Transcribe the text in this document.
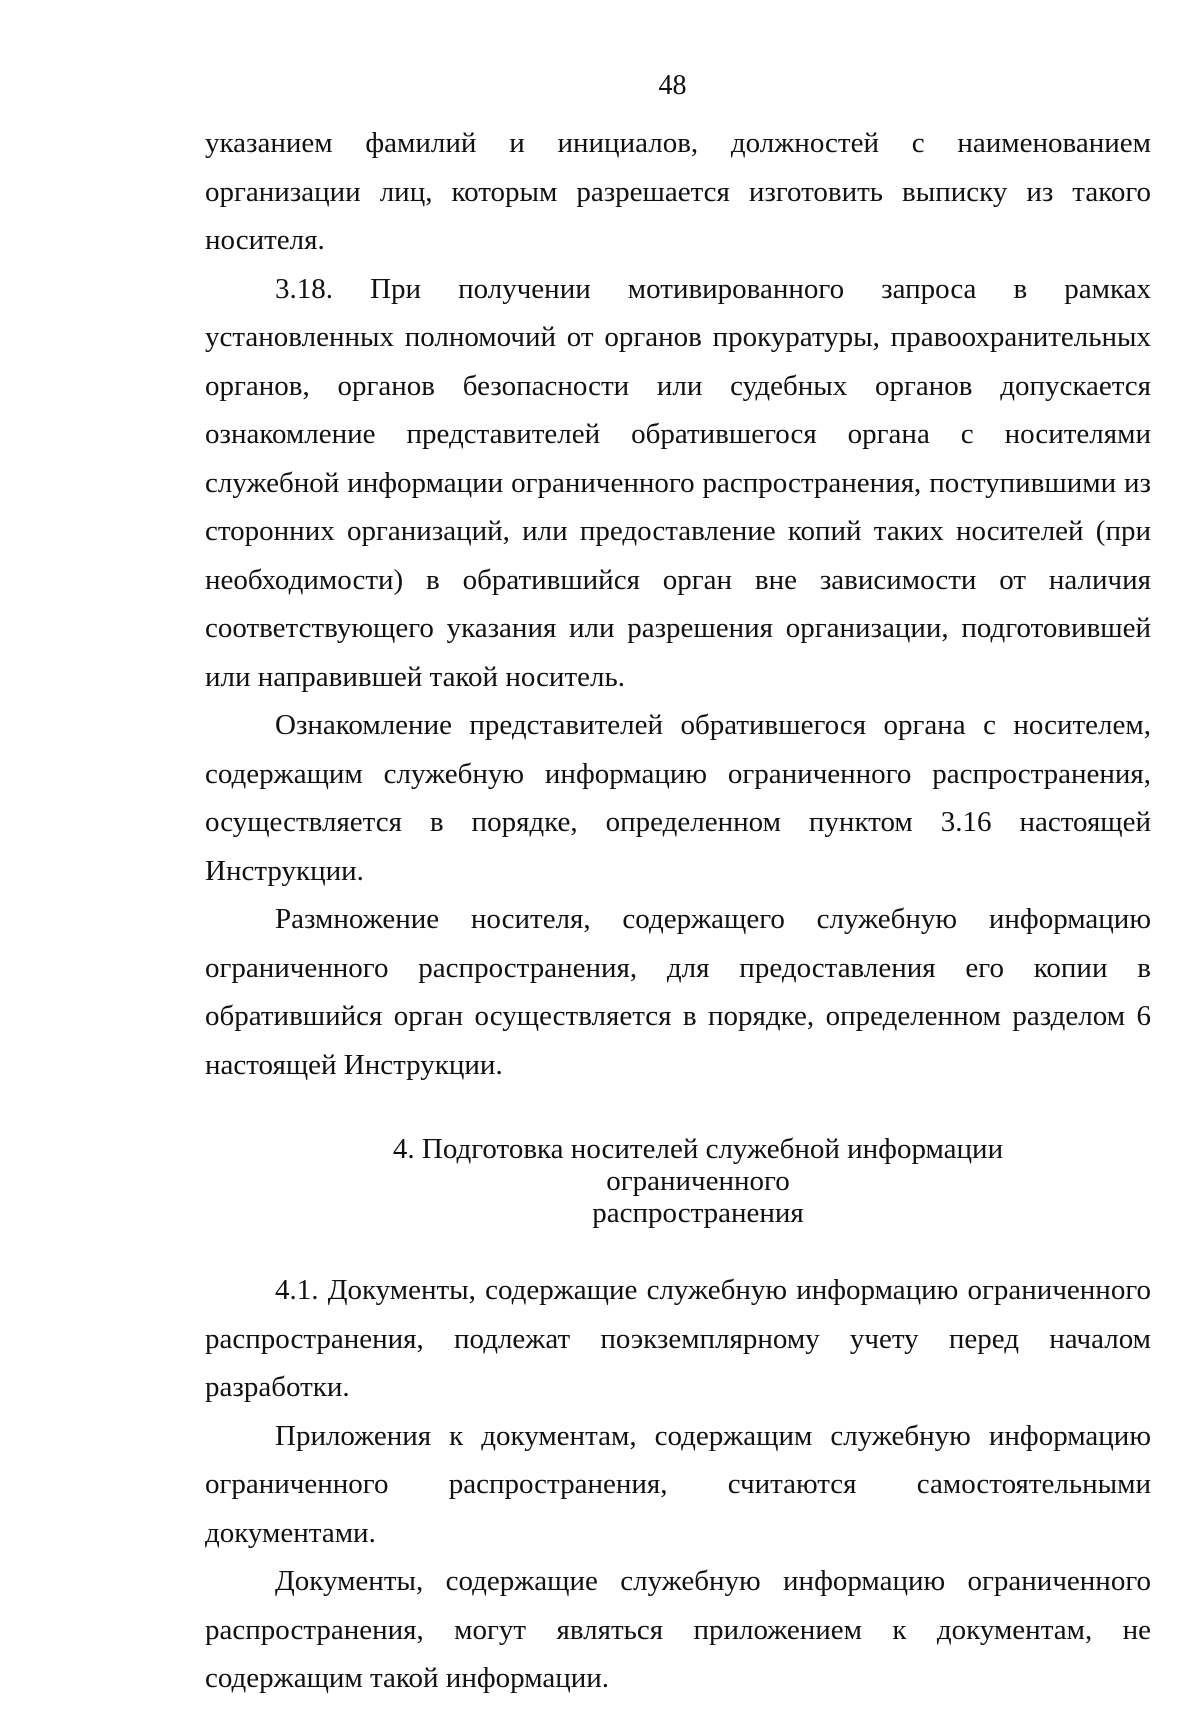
48

указанием фамилий и инициалов, должностей с наименованием организации лиц, которым разрешается изготовить выписку из такого носителя.

3.18. При получении мотивированного запроса в рамках установленных полномочий от органов прокуратуры, правоохранительных органов, органов безопасности или судебных органов допускается ознакомление представителей обратившегося органа с носителями служебной информации ограниченного распространения, поступившими из сторонних организаций, или предоставление копий таких носителей (при необходимости) в обратившийся орган вне зависимости от наличия соответствующего указания или разрешения организации, подготовившей или направившей такой носитель.

Ознакомление представителей обратившегося органа с носителем, содержащим служебную информацию ограниченного распространения, осуществляется в порядке, определенном пунктом 3.16 настоящей Инструкции.

Размножение носителя, содержащего служебную информацию ограниченного распространения, для предоставления его копии в обратившийся орган осуществляется в порядке, определенном разделом 6 настоящей Инструкции.

4. Подготовка носителей служебной информации ограниченного
распространения

4.1. Документы, содержащие служебную информацию ограниченного распространения, подлежат поэкземплярному учету перед началом разработки.

Приложения к документам, содержащим служебную информацию ограниченного распространения, считаются самостоятельными документами.

Документы, содержащие служебную информацию ограниченного распространения, могут являться приложением к документам, не содержащим такой информации.
